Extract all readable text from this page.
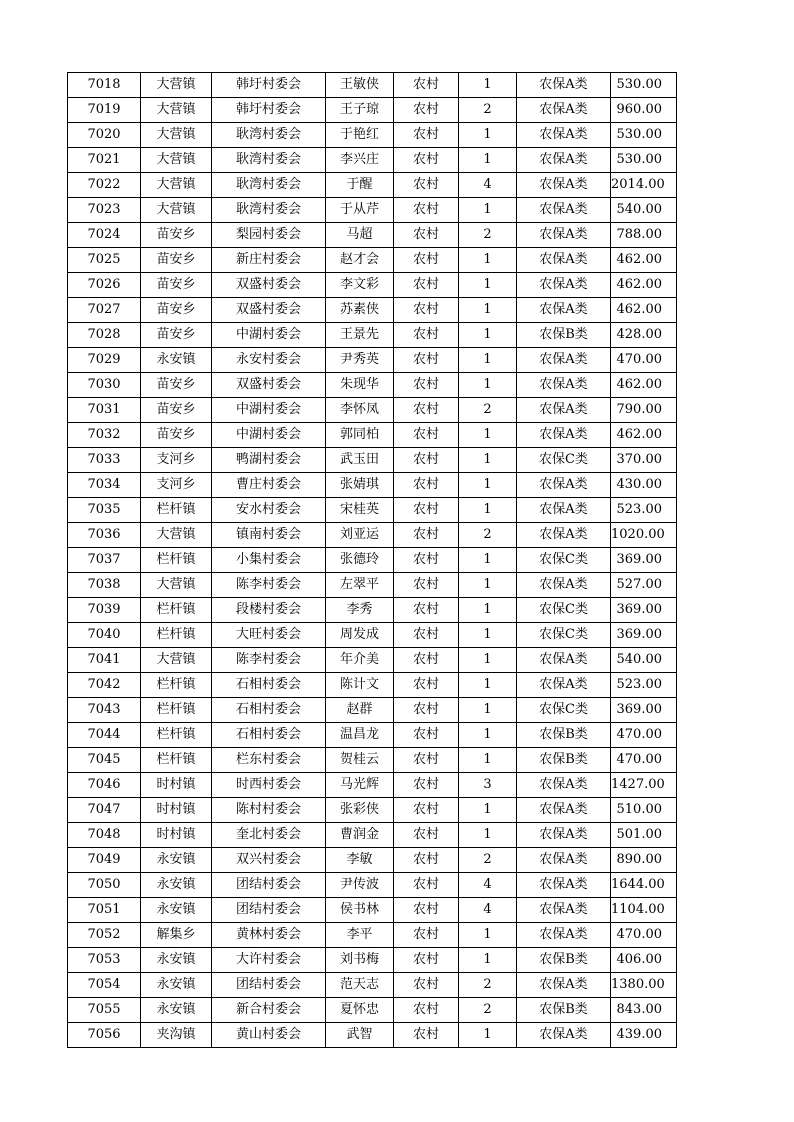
7018	大营镇	韩圩村委会	王敏侠	农村	1	农保A类	530.00
7019	大营镇	韩圩村委会	王子琼	农村	2	农保A类	960.00
7020	大营镇	耿湾村委会	于艳红	农村	1	农保A类	530.00
7021	大营镇	耿湾村委会	李兴庄	农村	1	农保A类	530.00
7022	大营镇	耿湾村委会	于醒	农村	4	农保A类	2014.00
7023	大营镇	耿湾村委会	于从芹	农村	1	农保A类	540.00
7024	苗安乡	梨园村委会	马超	农村	2	农保A类	788.00
7025	苗安乡	新庄村委会	赵才会	农村	1	农保A类	462.00
7026	苗安乡	双盛村委会	李文彩	农村	1	农保A类	462.00
7027	苗安乡	双盛村委会	苏素侠	农村	1	农保A类	462.00
7028	苗安乡	中湖村委会	王景先	农村	1	农保B类	428.00
7029	永安镇	永安村委会	尹秀英	农村	1	农保A类	470.00
7030	苗安乡	双盛村委会	朱现华	农村	1	农保A类	462.00
7031	苗安乡	中湖村委会	李怀凤	农村	2	农保A类	790.00
7032	苗安乡	中湖村委会	郭同柏	农村	1	农保A类	462.00
7033	支河乡	鸭湖村委会	武玉田	农村	1	农保C类	370.00
7034	支河乡	曹庄村委会	张婧琪	农村	1	农保A类	430.00
7035	栏杆镇	安水村委会	宋桂英	农村	1	农保A类	523.00
7036	大营镇	镇南村委会	刘亚运	农村	2	农保A类	1020.00
7037	栏杆镇	小集村委会	张德玲	农村	1	农保C类	369.00
7038	大营镇	陈李村委会	左翠平	农村	1	农保A类	527.00
7039	栏杆镇	段楼村委会	李秀	农村	1	农保C类	369.00
7040	栏杆镇	大旺村委会	周发成	农村	1	农保C类	369.00
7041	大营镇	陈李村委会	年介美	农村	1	农保A类	540.00
7042	栏杆镇	石相村委会	陈计文	农村	1	农保A类	523.00
7043	栏杆镇	石相村委会	赵群	农村	1	农保C类	369.00
7044	栏杆镇	石相村委会	温昌龙	农村	1	农保B类	470.00
7045	栏杆镇	栏东村委会	贺桂云	农村	1	农保B类	470.00
7046	时村镇	时西村委会	马光辉	农村	3	农保A类	1427.00
7047	时村镇	陈村村委会	张彩侠	农村	1	农保A类	510.00
7048	时村镇	奎北村委会	曹润金	农村	1	农保A类	501.00
7049	永安镇	双兴村委会	李敏	农村	2	农保A类	890.00
7050	永安镇	团结村委会	尹传波	农村	4	农保A类	1644.00
7051	永安镇	团结村委会	侯书林	农村	4	农保A类	1104.00
7052	解集乡	黄林村委会	李平	农村	1	农保A类	470.00
7053	永安镇	大许村委会	刘书梅	农村	1	农保B类	406.00
7054	永安镇	团结村委会	范天志	农村	2	农保A类	1380.00
7055	永安镇	新合村委会	夏怀忠	农村	2	农保B类	843.00
7056	夹沟镇	黄山村委会	武智	农村	1	农保A类	439.00
